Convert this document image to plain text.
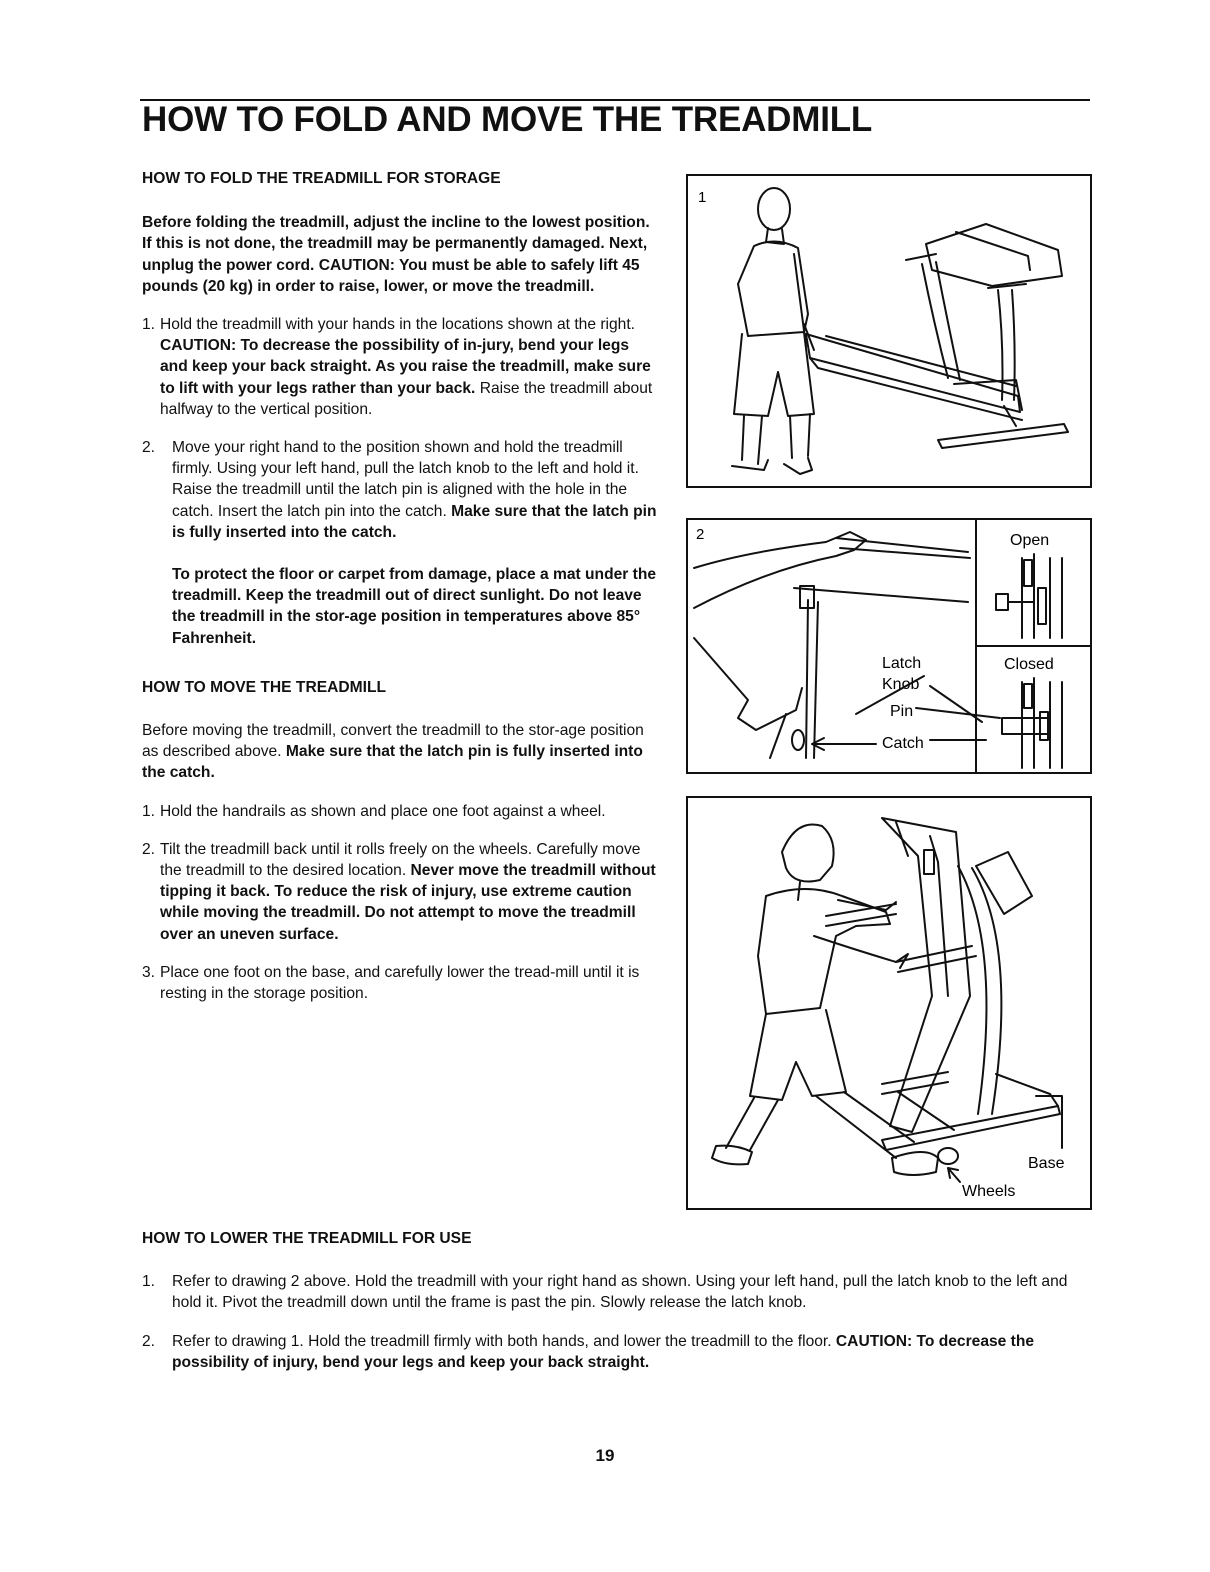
HOW TO FOLD AND MOVE THE TREADMILL

HOW TO FOLD THE TREADMILL FOR STORAGE

Before folding the treadmill, adjust the incline to the lowest position. If this is not done, the treadmill may be permanently damaged. Next, unplug the power cord. CAUTION: You must be able to safely lift 45 pounds (20 kg) in order to raise, lower, or move the treadmill.

1. Hold the treadmill with your hands in the locations shown at the right. CAUTION: To decrease the possibility of in-jury, bend your legs and keep your back straight. As you raise the treadmill, make sure to lift with your legs rather than your back. Raise the treadmill about halfway to the vertical position.
2.	Move your right hand to the position shown and hold the treadmill firmly. Using your left hand, pull the latch knob to the left and hold it. Raise the treadmill until the latch pin is aligned with the hole in the catch. Insert the latch pin into the catch. Make sure that the latch pin is fully inserted into the catch.

To protect the floor or carpet from damage, place a mat under the treadmill. Keep the treadmill out of direct sunlight. Do not leave the treadmill in the stor-age position in temperatures above 85° Fahrenheit.

HOW TO MOVE THE TREADMILL

Before moving the treadmill, convert the treadmill to the stor-age position as described above. Make sure that the latch pin is fully inserted into the catch.

1. Hold the handrails as shown and place one foot against a wheel.
2. Tilt the treadmill back until it rolls freely on the wheels. Carefully move the treadmill to the desired location. Never move the treadmill without tipping it back. To reduce the risk of injury, use extreme caution while moving the treadmill. Do not attempt to move the treadmill over an uneven surface.
3. Place one foot on the base, and carefully lower the tread-mill until it is resting in the storage position.
1
2	Open
Closed
Latch
Knob
Pin
Catch
Base
Wheels

HOW TO LOWER THE TREADMILL FOR USE

1.	Refer to drawing 2 above. Hold the treadmill with your right hand as shown. Using your left hand, pull the latch knob to the left and hold it. Pivot the treadmill down until the frame is past the pin. Slowly release the latch knob.
2.	Refer to drawing 1. Hold the treadmill firmly with both hands, and lower the treadmill to the floor. CAUTION: To decrease the possibility of injury, bend your legs and keep your back straight.
19
